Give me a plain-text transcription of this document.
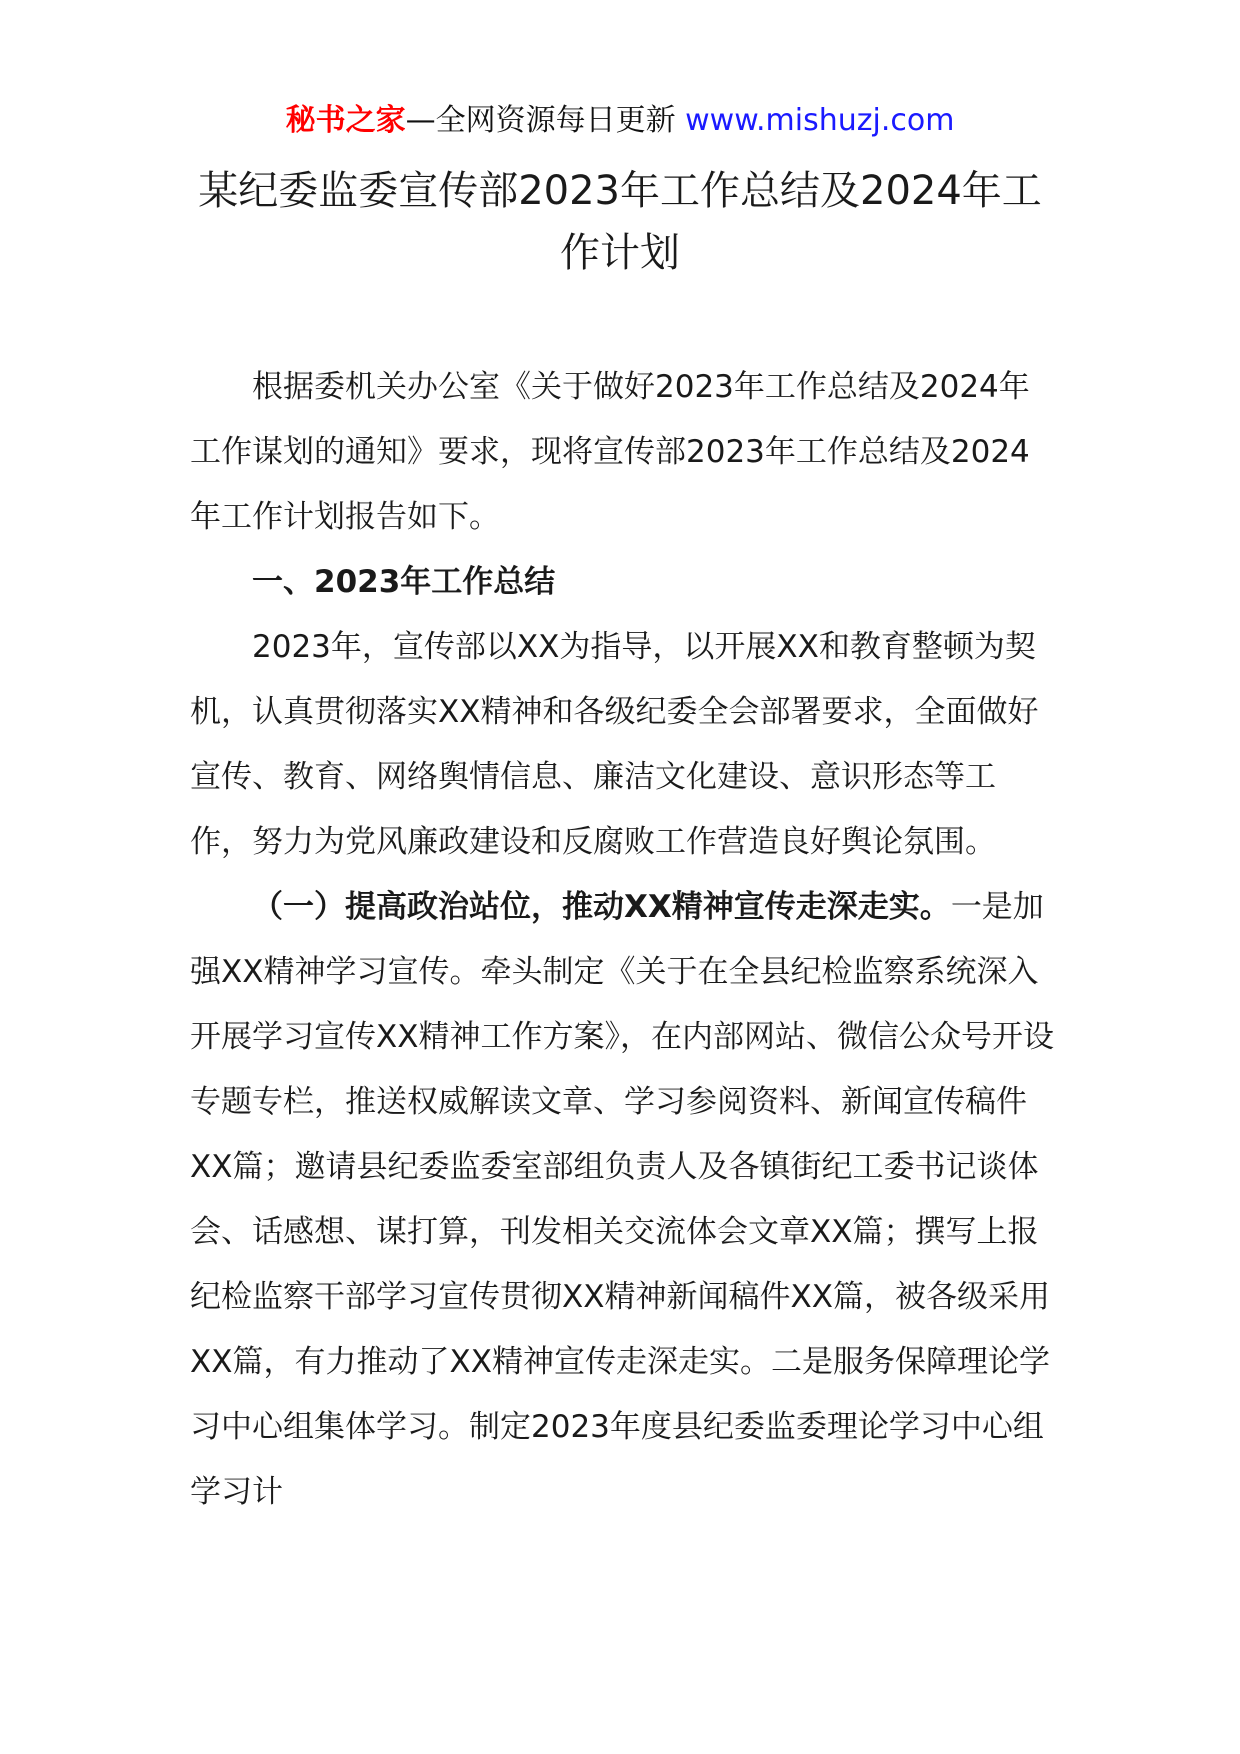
秘书之家—全网资源每日更新 www.mishuzj.com
某纪委监委宣传部2023年工作总结及2024年工作计划

根据委机关办公室《关于做好2023年工作总结及2024年工作谋划的通知》要求，现将宣传部2023年工作总结及2024年工作计划报告如下。

一、2023年工作总结

2023年，宣传部以XX为指导，以开展XX和教育整顿为契机，认真贯彻落实XX精神和各级纪委全会部署要求，全面做好宣传、教育、网络舆情信息、廉洁文化建设、意识形态等工作，努力为党风廉政建设和反腐败工作营造良好舆论氛围。

（一）提高政治站位，推动XX精神宣传走深走实。一是加强XX精神学习宣传。牵头制定《关于在全县纪检监察系统深入开展学习宣传XX精神工作方案》，在内部网站、微信公众号开设专题专栏，推送权威解读文章、学习参阅资料、新闻宣传稿件XX篇；邀请县纪委监委室部组负责人及各镇街纪工委书记谈体会、话感想、谋打算，刊发相关交流体会文章XX篇；撰写上报纪检监察干部学习宣传贯彻XX精神新闻稿件XX篇，被各级采用XX篇，有力推动了XX精神宣传走深走实。二是服务保障理论学习中心组集体学习。制定2023年度县纪委监委理论学习中心组学习计
